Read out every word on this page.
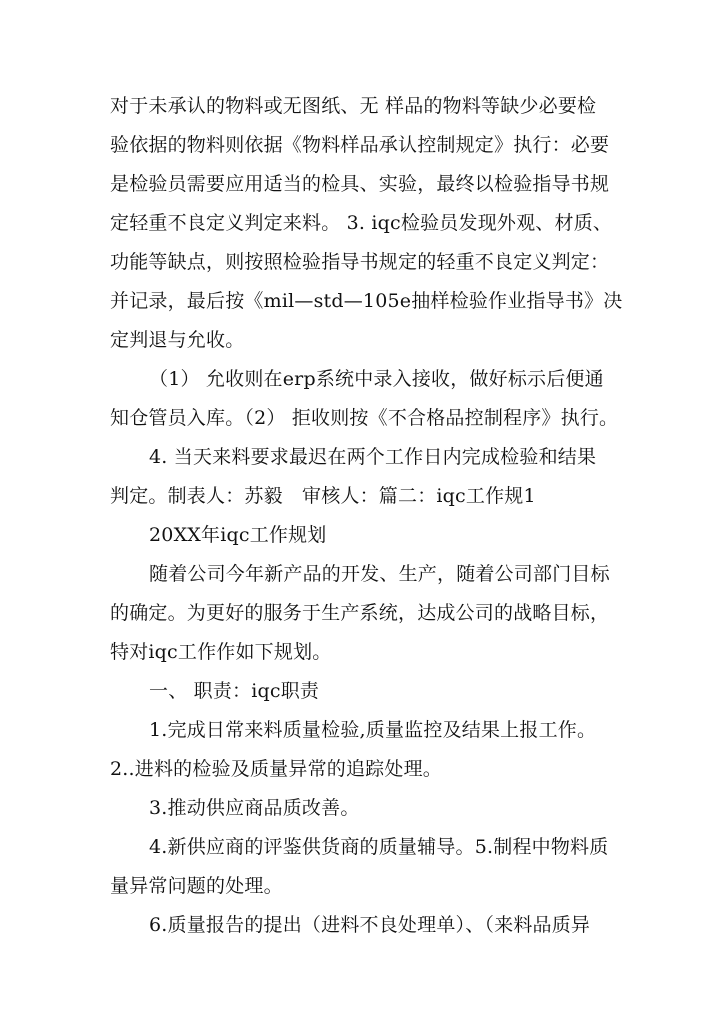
对于未承认的物料或无图纸、无 样品的物料等缺少必要检
验依据的物料则依据《物料样品承认控制规定》执行：必要
是检验员需要应用适当的检具、实验，最终以检验指导书规
定轻重不良定义判定来料。 3. iqc检验员发现外观、材质、
功能等缺点，则按照检验指导书规定的轻重不良定义判定：
并记录，最后按《mil—std—105e抽样检验作业指导书》决
定判退与允收。
（1） 允收则在erp系统中录入接收，做好标示后便通
知仓管员入库。（2） 拒收则按《不合格品控制程序》执行。
4. 当天来料要求最迟在两个工作日内完成检验和结果
判定。制表人：苏毅　审核人：篇二：iqc工作规1
20XX年iqc工作规划
随着公司今年新产品的开发、生产，随着公司部门目标
的确定。为更好的服务于生产系统，达成公司的战略目标，
特对iqc工作作如下规划。
一、 职责：iqc职责
1.完成日常来料质量检验,质量监控及结果上报工作。
2..进料的检验及质量异常的追踪处理。
3.推动供应商品质改善。
4.新供应商的评鉴供货商的质量辅导。5.制程中物料质
量异常问题的处理。
6.质量报告的提出（进料不良处理单）、（来料品质异
